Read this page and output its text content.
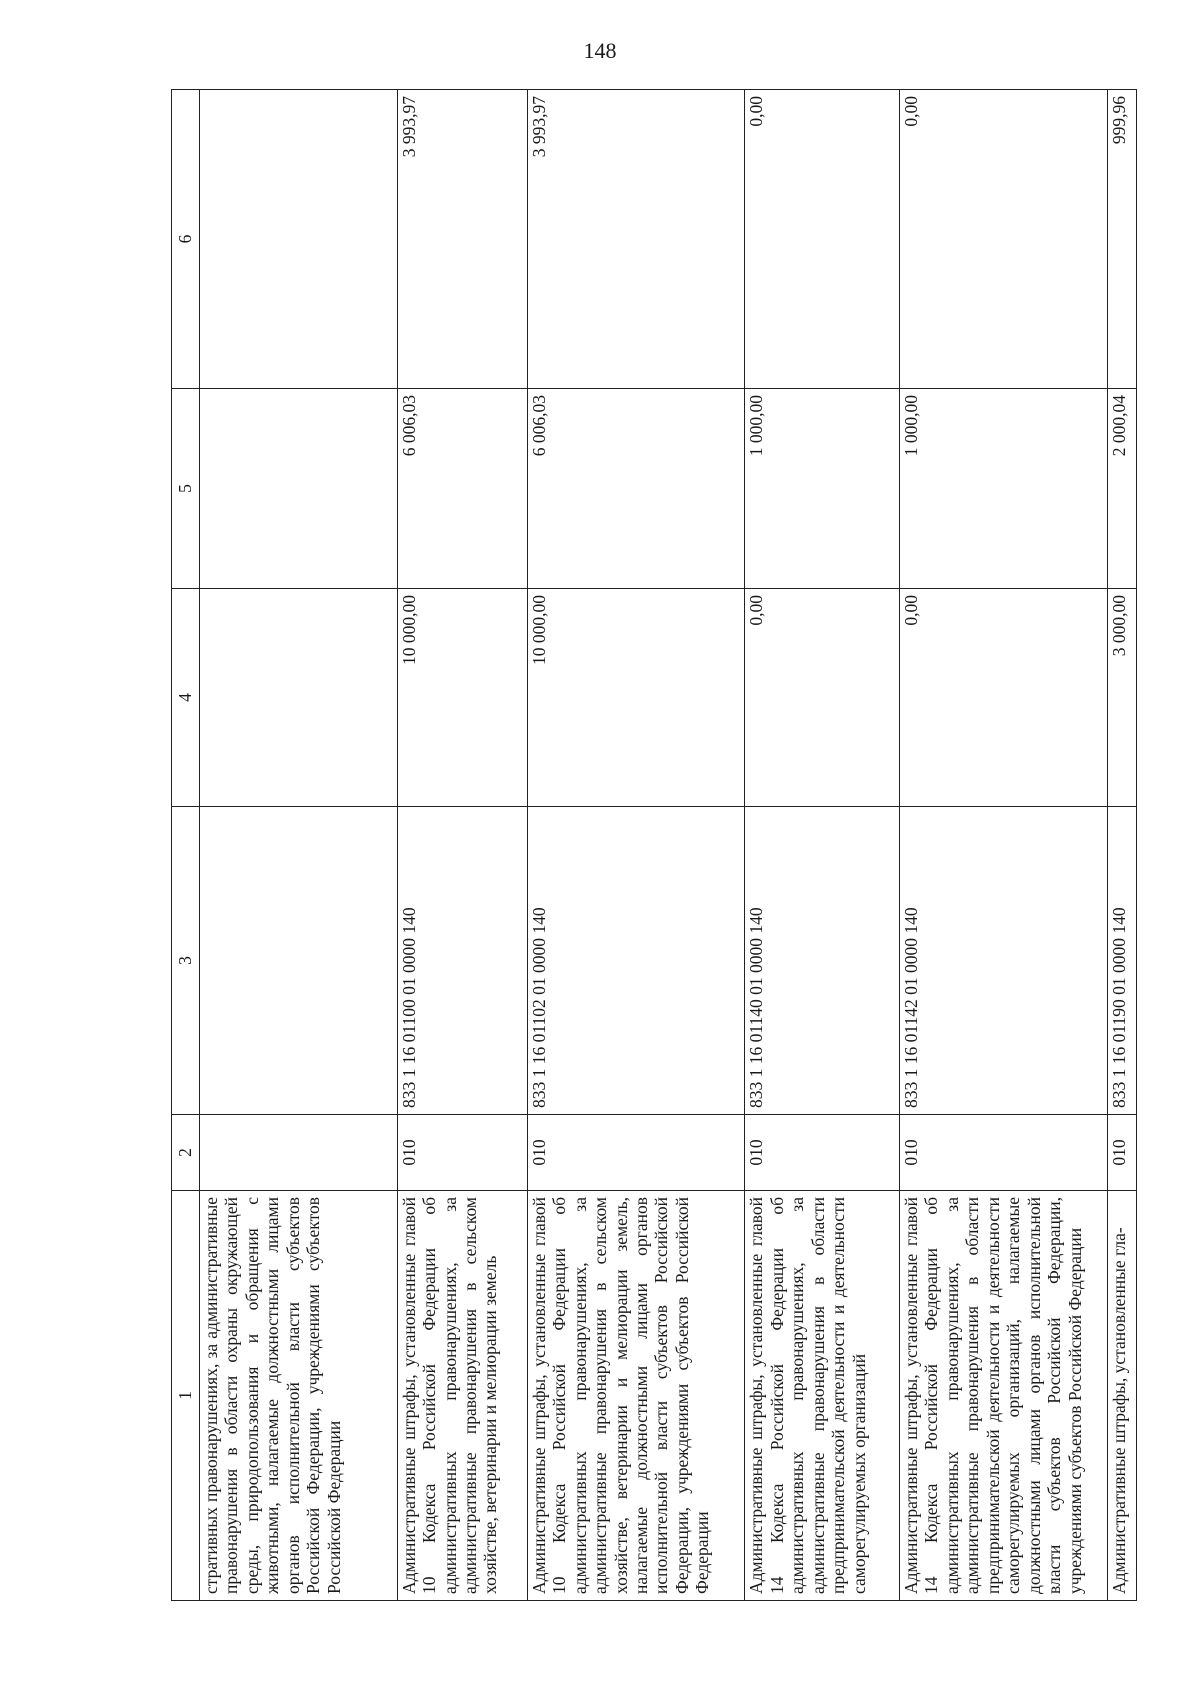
148
1	2	3	4	5	6
стративных правонарушениях, за административные правонарушения в области охраны окружающей среды, природопользования и обращения с животными, налагаемые должностными лицами органов исполнительной власти субъектов Российской Федерации, учреждениями субъектов Российской Федерации					
Административные штрафы, установленные главой 10 Кодекса Российской Федерации об административных правонарушениях, за административные правонарушения в сельском хозяйстве, ветеринарии и мелиорации земель	010	833 1 16 01100 01 0000 140	10 000,00	6 006,03	3 993,97
Административные штрафы, установленные главой 10 Кодекса Российской Федерации об административных правонарушениях, за административные правонарушения в сельском хозяйстве, ветеринарии и мелиорации земель, налагаемые должностными лицами органов исполнительной власти субъектов Российской Федерации, учреждениями субъектов Российской Федерации	010	833 1 16 01102 01 0000 140	10 000,00	6 006,03	3 993,97
Административные штрафы, установленные главой 14 Кодекса Российской Федерации об административных правонарушениях, за административные правонарушения в области предпринимательской деятельности и деятельности саморегулируемых организаций	010	833 1 16 01140 01 0000 140	0,00	1 000,00	0,00
Административные штрафы, установленные главой 14 Кодекса Российской Федерации об административных правонарушениях, за административные правонарушения в области предпринимательской деятельности и деятельности саморегулируемых организаций, налагаемые должностными лицами органов исполнительной власти субъектов Российской Федерации, учреждениями субъектов Российской Федерации	010	833 1 16 01142 01 0000 140	0,00	1 000,00	0,00
Административные штрафы, установленные гла-	010	833 1 16 01190 01 0000 140	3 000,00	2 000,04	999,96
